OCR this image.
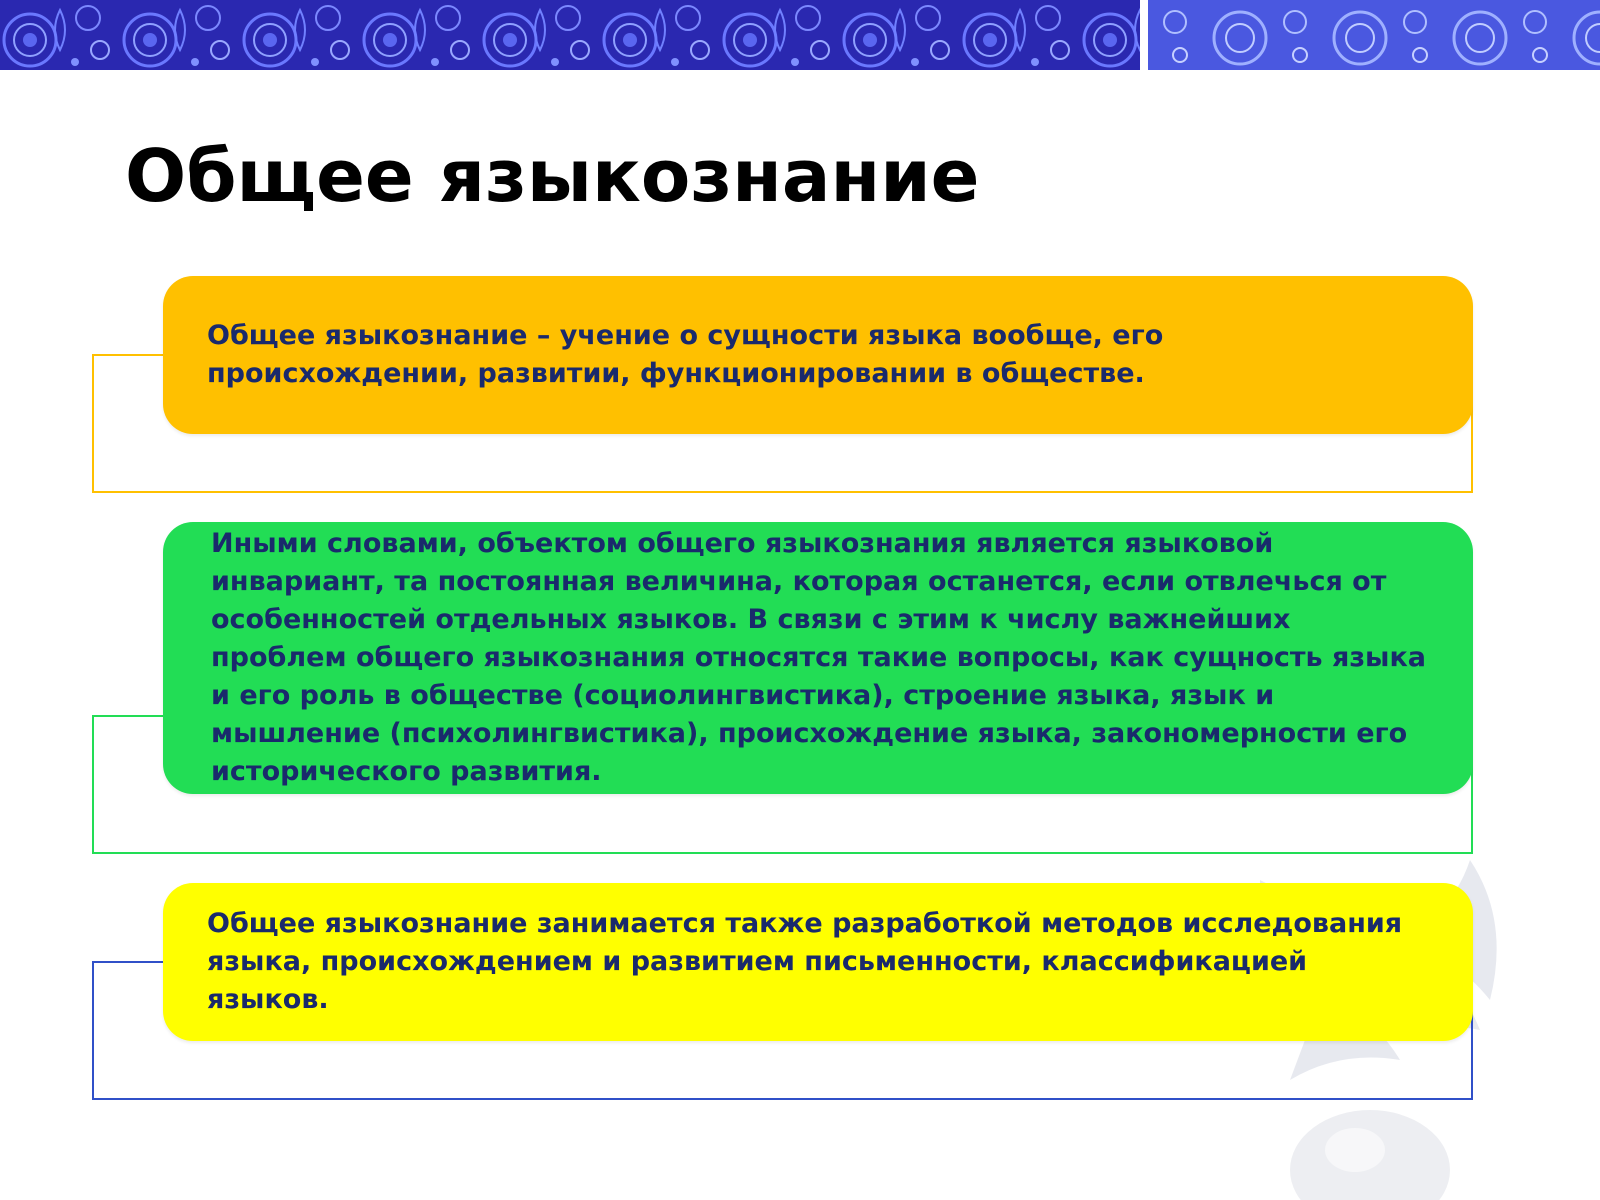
Общее языкознание

Общее языкознание – учение о сущности языка вообще, его происхождении, развитии, функционировании в обществе.

Иными словами, объектом общего языкознания является языковой инвариант, та постоянная величина, которая останется, если отвлечься от особенностей отдельных языков. В связи с этим к числу важнейших проблем общего языкознания относятся такие вопросы, как сущность языка и его роль в обществе (социолингвистика), строение языка, язык и мышление (психолингвистика), происхождение языка, закономерности его исторического развития.

Общее языкознание занимается также разработкой методов исследования языка, происхождением и развитием письменности, классификацией языков.
